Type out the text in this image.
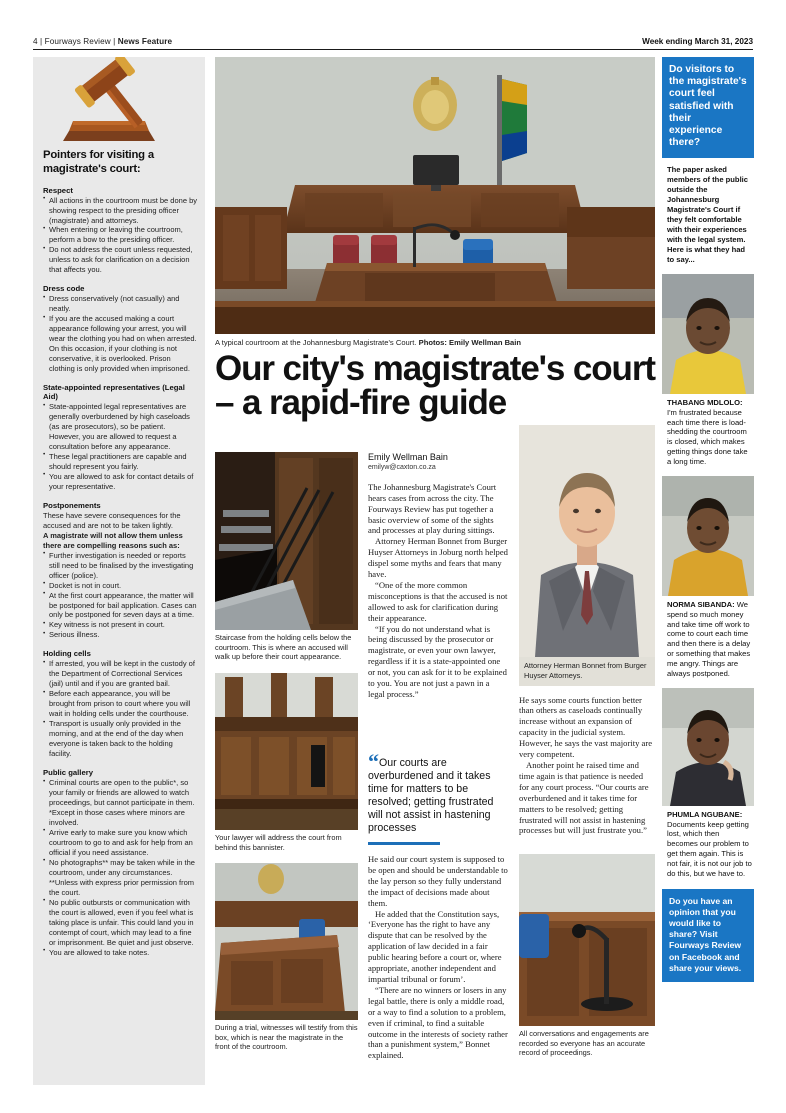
4 | Fourways Review | News Feature	Week ending March 31, 2023
Pointers for visiting a magistrate's court:
Respect
• All actions in the courtroom must be done by showing respect to the presiding officer (magistrate) and attorneys.
• When entering or leaving the courtroom, perform a bow to the presiding officer.
• Do not address the court unless requested, unless to ask for clarification on a decision that affects you.
Dress code
• Dress conservatively (not casually) and neatly.
• If you are the accused making a court appearance following your arrest, you will wear the clothing you had on when arrested. On this occasion, if your clothing is not conservative, it is overlooked. Prison clothing is only provided when imprisoned.
State-appointed representatives (Legal Aid)
• State-appointed legal representatives are generally overburdened by high caseloads (as are prosecutors), so be patient. However, you are allowed to request a consultation before any appearance.
• These legal practitioners are capable and should represent you fairly.
• You are allowed to ask for contact details of your representative.
Postponements
These have severe consequences for the accused and are not to be taken lightly.
A magistrate will not allow them unless there are compelling reasons such as:
• Further investigation is needed or reports still need to be finalised by the investigating officer (police).
• Docket is not in court.
• At the first court appearance, the matter will be postponed for bail application. Cases can only be postponed for seven days at a time.
• Key witness is not present in court.
• Serious illness.
Holding cells
• If arrested, you will be kept in the custody of the Department of Correctional Services (jail) until and if you are granted bail.
• Before each appearance, you will be brought from prison to court where you will wait in holding cells under the courthouse.
• Transport is usually only provided in the morning, and at the end of the day when everyone is taken back to the holding facility.
Public gallery
• Criminal courts are open to the public*, so your family or friends are allowed to watch proceedings, but cannot participate in them. *Except in those cases where minors are involved.
• Arrive early to make sure you know which courtroom to go to and ask for help from an official if you need assistance.
• No photographs** may be taken while in the courtroom, under any circumstances. **Unless with express prior permission from the court.
• No public outbursts or communication with the court is allowed, even if you feel what is taking place is unfair. This could land you in contempt of court, which may lead to a fine or imprisonment. Be quiet and just observe.
• You are allowed to take notes.
A typical courtroom at the Johannesburg Magistrate's Court. Photos: Emily Wellman Bain
Our city's magistrate's court – a rapid-fire guide
Staircase from the holding cells below the courtroom. This is where an accused will walk up before their court appearance.
Your lawyer will address the court from behind this bannister.
During a trial, witnesses will testify from this box, which is near the magistrate in the front of the courtroom.
Emily Wellman Bain
emilyw@caxton.co.za

The Johannesburg Magistrate's Court hears cases from across the city. The Fourways Review has put together a basic overview of some of the sights and processes at play during sittings.

Attorney Herman Bonnet from Burger Huyser Attorneys in Joburg north helped dispel some myths and fears that many have.

“One of the more common misconceptions is that the accused is not allowed to ask for clarification during their appearance.

“If you do not understand what is being discussed by the prosecutor or magistrate, or even your own lawyer, regardless if it is a state-appointed one or not, you can ask for it to be explained to you. You are not just a pawn in a legal process.”

“ Our courts are overburdened and it takes time for matters to be resolved; getting frustrated will not assist in hastening processes

He said our court system is supposed to be open and should be understandable to the lay person so they fully understand the impact of decisions made about them.

He added that the Constitution says, ‘Everyone has the right to have any dispute that can be resolved by the application of law decided in a fair public hearing before a court or, where appropriate, another independent and impartial tribunal or forum’.

“There are no winners or losers in any legal battle, there is only a middle road, or a way to find a solution to a problem, even if criminal, to find a suitable outcome in the interests of society rather than a punishment system,” Bonnet explained.

Attorney Herman Bonnet from Burger Huyser Attorneys.

He says some courts function better than others as caseloads continually increase without an expansion of capacity in the judicial system. However, he says the vast majority are very competent.

Another point he raised time and time again is that patience is needed for any court process. “Our courts are overburdened and it takes time for matters to be resolved; getting frustrated will not assist in hastening processes but will just frustrate you.”

All conversations and engagements are recorded so everyone has an accurate record of proceedings.
Do visitors to the magistrate's court feel satisfied with their experience there?
The paper asked members of the public outside the Johannesburg Magistrate's Court if they felt comfortable with their experiences with the legal system. Here is what they had to say...
THABANG MDLOLO: I'm frustrated because each time there is load-shedding the courtroom is closed, which makes getting things done take a long time.
NORMA SIBANDA: We spend so much money and take time off work to come to court each time and then there is a delay or something that makes me angry. Things are always postponed.
PHUMLA NGUBANE: Documents keep getting lost, which then becomes our problem to get them again. This is not fair, it is not our job to do this, but we have to.
Do you have an opinion that you would like to share? Visit Fourways Review on Facebook and share your views.
